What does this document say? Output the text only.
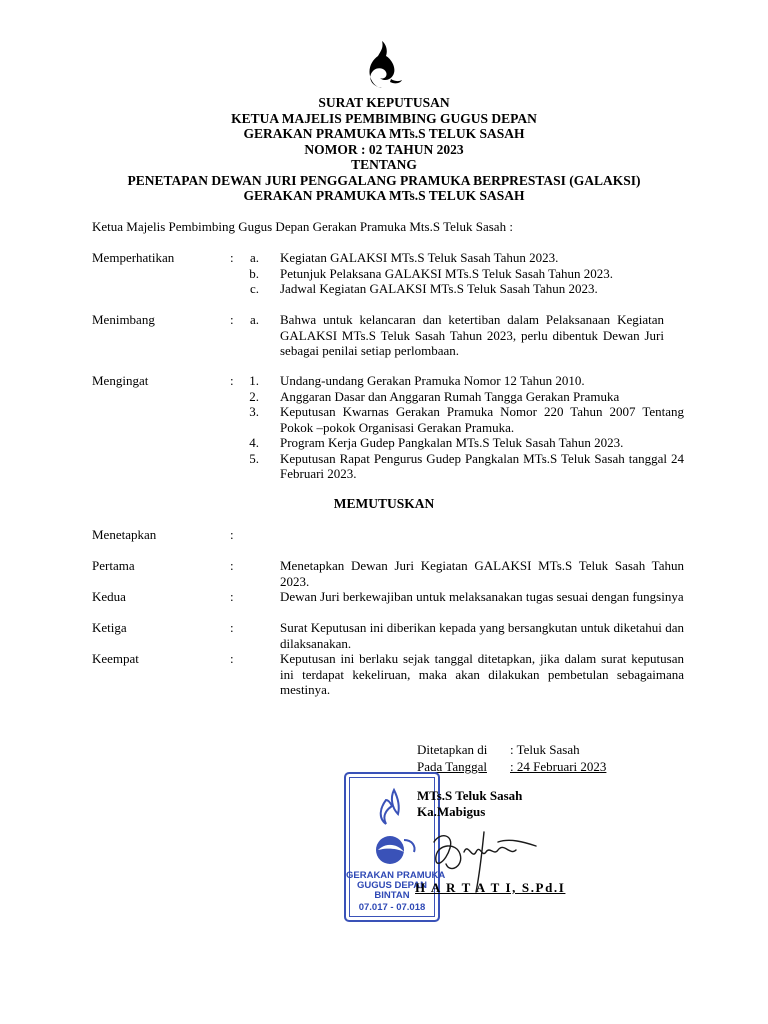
SURAT KEPUTUSAN
KETUA MAJELIS PEMBIMBING GUGUS DEPAN
GERAKAN PRAMUKA MTs.S TELUK SASAH
NOMOR : 02 TAHUN 2023
TENTANG
PENETAPAN DEWAN JURI PENGGALANG PRAMUKA BERPRESTASI (GALAKSI)
GERAKAN PRAMUKA MTs.S TELUK SASAH
Ketua Majelis Pembimbing Gugus Depan Gerakan Pramuka Mts.S Teluk Sasah :
Memperhatikan	:	a. Kegiatan GALAKSI MTs.S Teluk Sasah Tahun 2023.
b. Petunjuk Pelaksana GALAKSI MTs.S Teluk Sasah Tahun 2023.
c. Jadwal Kegiatan GALAKSI MTs.S Teluk Sasah Tahun 2023.
Menimbang	:	a. Bahwa untuk kelancaran dan ketertiban dalam Pelaksanaan Kegiatan GALAKSI MTs.S Teluk Sasah Tahun 2023, perlu dibentuk Dewan Juri sebagai penilai setiap perlombaan.
Mengingat	:	1. Undang-undang Gerakan Pramuka Nomor 12 Tahun 2010.
2. Anggaran Dasar dan Anggaran Rumah Tangga Gerakan Pramuka
3. Keputusan Kwarnas Gerakan Pramuka Nomor 220 Tahun 2007 Tentang Pokok –pokok Organisasi Gerakan Pramuka.
4. Program Kerja Gudep Pangkalan MTs.S Teluk Sasah Tahun 2023.
5. Keputusan Rapat Pengurus Gudep Pangkalan MTs.S Teluk Sasah tanggal 24 Februari 2023.
MEMUTUSKAN
Menetapkan	:
Pertama	:	Menetapkan Dewan Juri Kegiatan GALAKSI MTs.S Teluk Sasah Tahun 2023.
Kedua	:	Dewan Juri berkewajiban untuk melaksanakan tugas sesuai dengan fungsinya
Ketiga	:	Surat Keputusan ini diberikan kepada yang bersangkutan untuk diketahui dan dilaksanakan.
Keempat	:	Keputusan ini berlaku sejak tanggal ditetapkan, jika dalam surat keputusan ini terdapat kekeliruan, maka akan dilakukan pembetulan sebagaimana mestinya.
Ditetapkan di : Teluk Sasah
Pada Tanggal : 24 Februari 2023
GERAKAN PRAMUKA
GUGUS DEPAN
BINTAN
07.017 - 07.018
MTs.S Teluk Sasah
Ka.Mabigus
H A R T A T I, S.Pd.I
